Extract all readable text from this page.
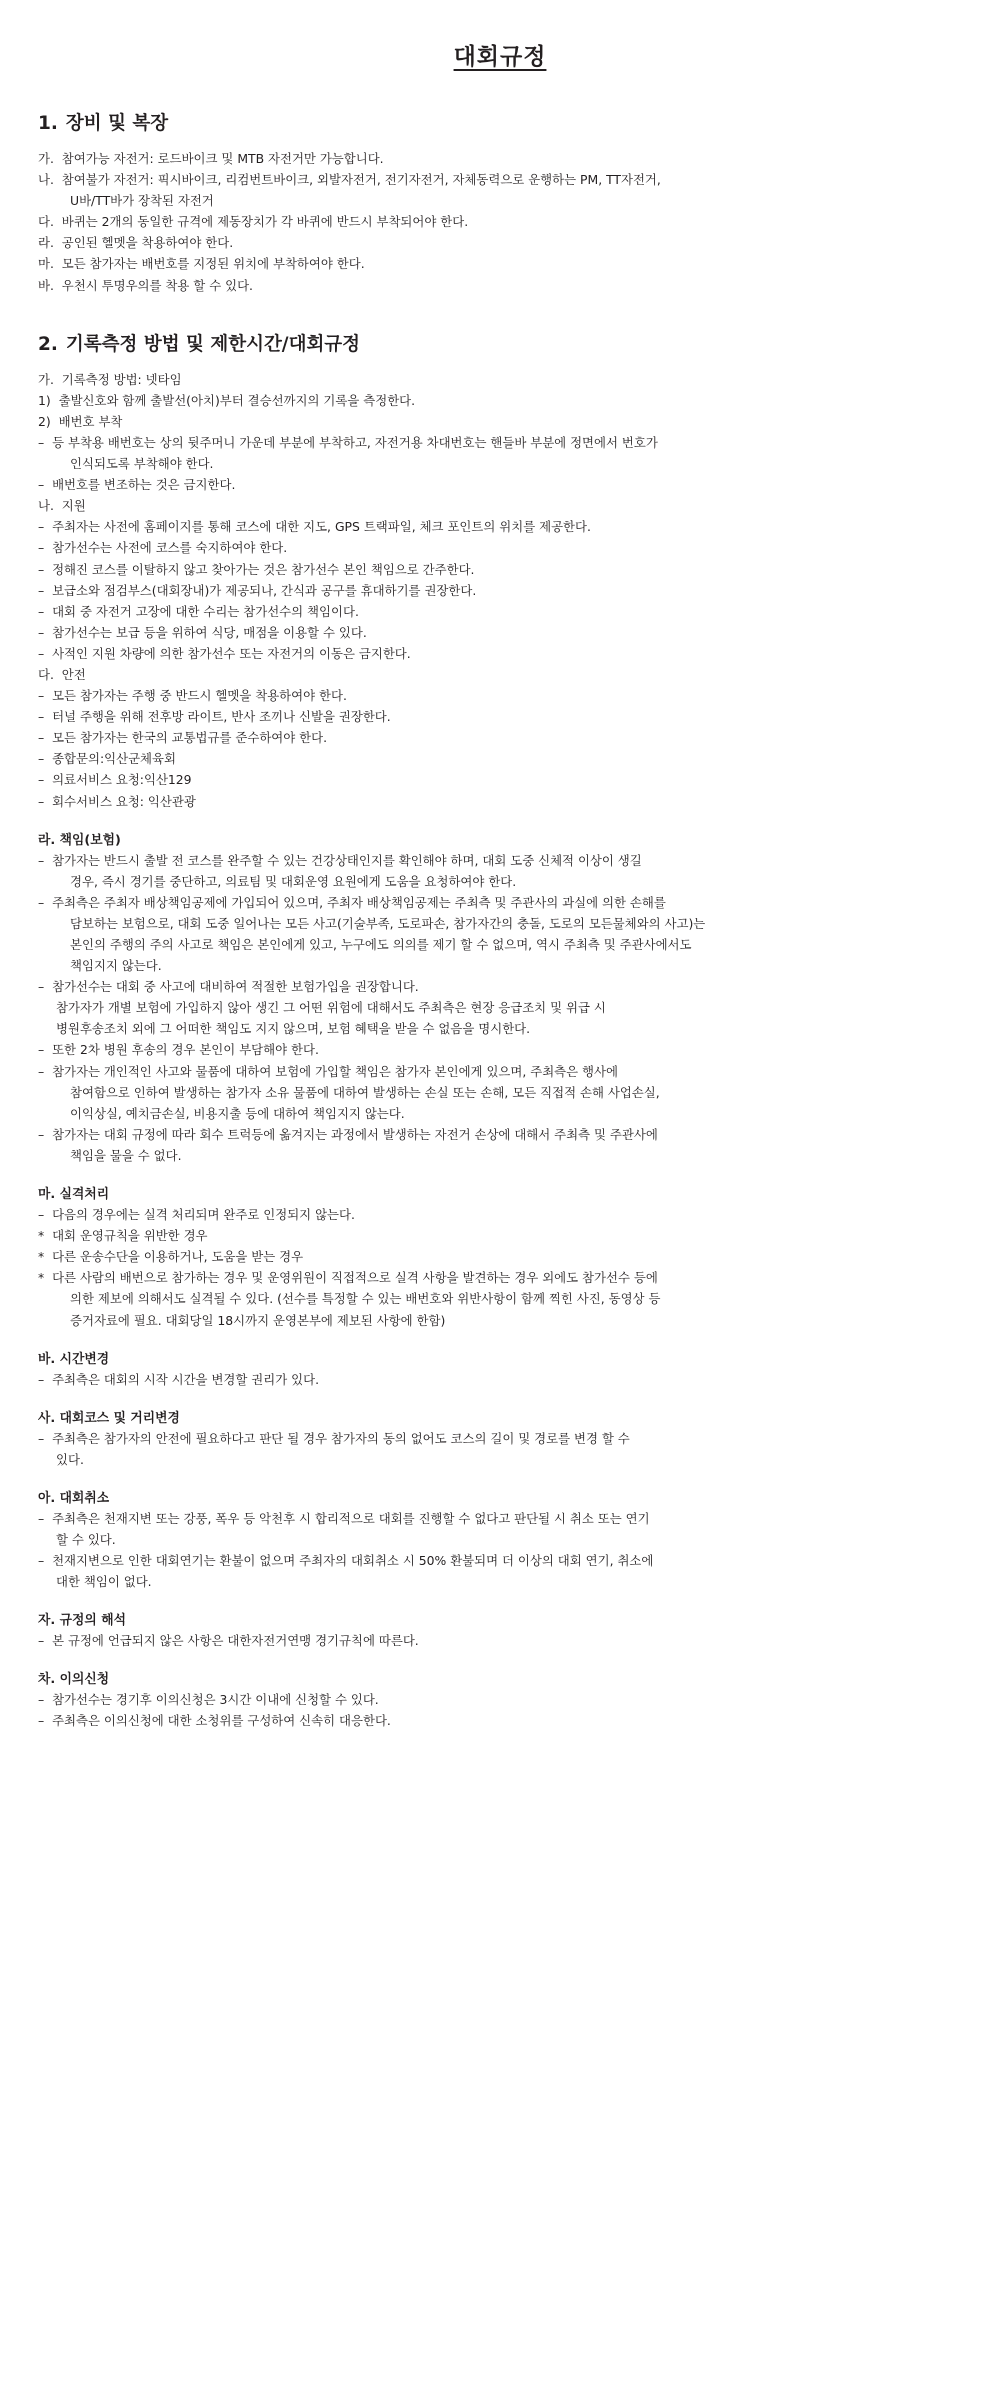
대회규정
1. 장비 및 복장

가.  참여가능 자전거: 로드바이크 및 MTB 자전거만 가능합니다.

나.  참여불가 자전거: 픽시바이크, 리컴번트바이크, 외발자전거, 전기자전거, 자체동력으로 운행하는 PM, TT자전거,

U바/TT바가 장착된 자전거

다.  바퀴는 2개의 동일한 규격에 제동장치가 각 바퀴에 반드시 부착되어야 한다.

라.  공인된 헬멧을 착용하여야 한다.

마.  모든 참가자는 배번호를 지정된 위치에 부착하여야 한다.

바.  우천시 투명우의를 착용 할 수 있다.

2. 기록측정 방법 및 제한시간/대회규정

가.  기록측정 방법: 넷타임

1)  출발신호와 함께 출발선(아치)부터 결승선까지의 기록을 측정한다.

2)  배번호 부착

–  등 부착용 배번호는 상의 뒷주머니 가운데 부분에 부착하고, 자전거용 차대번호는 핸들바 부분에 정면에서 번호가

인식되도록 부착해야 한다.

–  배번호를 변조하는 것은 금지한다.

나.  지원

–  주최자는 사전에 홈페이지를 통해 코스에 대한 지도, GPS 트랙파일, 체크 포인트의 위치를 제공한다.

–  참가선수는 사전에 코스를 숙지하여야 한다.

–  정해진 코스를 이탈하지 않고 찾아가는 것은 참가선수 본인 책임으로 간주한다.

–  보급소와 점검부스(대회장내)가 제공되나, 간식과 공구를 휴대하기를 권장한다.

–  대회 중 자전거 고장에 대한 수리는 참가선수의 책임이다.

–  참가선수는 보급 등을 위하여 식당, 매점을 이용할 수 있다.

–  사적인 지원 차량에 의한 참가선수 또는 자전거의 이동은 금지한다.

다.  안전

–  모든 참가자는 주행 중 반드시 헬멧을 착용하여야 한다.

–  터널 주행을 위해 전후방 라이트, 반사 조끼나 신발을 권장한다.

–  모든 참가자는 한국의 교통법규를 준수하여야 한다.

–  종합문의:익산군체육회

–  의료서비스 요청:익산129

–  회수서비스 요청: 익산관광

라. 책임(보험)

–  참가자는 반드시 출발 전 코스를 완주할 수 있는 건강상태인지를 확인해야 하며, 대회 도중 신체적 이상이 생길

경우, 즉시 경기를 중단하고, 의료팀 및 대회운영 요원에게 도움을 요청하여야 한다.

–  주최측은 주최자 배상책임공제에 가입되어 있으며, 주최자 배상책임공제는 주최측 및 주관사의 과실에 의한 손해를

담보하는 보험으로, 대회 도중 일어나는 모든 사고(기술부족, 도로파손, 참가자간의 충돌, 도로의 모든물체와의 사고)는

본인의 주행의 주의 사고로 책임은 본인에게 있고, 누구에도 의의를 제기 할 수 없으며, 역시 주최측 및 주관사에서도

책임지지 않는다.

–  참가선수는 대회 중 사고에 대비하여 적절한 보험가입을 권장합니다.

참가자가 개별 보험에 가입하지 않아 생긴 그 어떤 위험에 대해서도 주최측은 현장 응급조치 및 위급 시

병원후송조치 외에 그 어떠한 책임도 지지 않으며, 보험 혜택을 받을 수 없음을 명시한다.

–  또한 2차 병원 후송의 경우 본인이 부담해야 한다.

–  참가자는 개인적인 사고와 물품에 대하여 보험에 가입할 책임은 참가자 본인에게 있으며, 주최측은 행사에

참여함으로 인하여 발생하는 참가자 소유 물품에 대하여 발생하는 손실 또는 손해, 모든 직접적 손해 사업손실,

이익상실, 예치금손실, 비용지출 등에 대하여 책임지지 않는다.

–  참가자는 대회 규정에 따라 회수 트럭등에 옮겨지는 과정에서 발생하는 자전거 손상에 대해서 주최측 및 주관사에

책임을 물을 수 없다.

마. 실격처리

–  다음의 경우에는 실격 처리되며 완주로 인정되지 않는다.

*  대회 운영규칙을 위반한 경우

*  다른 운송수단을 이용하거나, 도움을 받는 경우

*  다른 사람의 배번으로 참가하는 경우 및 운영위원이 직접적으로 실격 사항을 발견하는 경우 외에도 참가선수 등에

의한 제보에 의해서도 실격될 수 있다. (선수를 특정할 수 있는 배번호와 위반사항이 함께 찍힌 사진, 동영상 등

증거자료에 필요. 대회당일 18시까지 운영본부에 제보된 사항에 한함)

바. 시간변경

–  주최측은 대회의 시작 시간을 변경할 권리가 있다.

사. 대회코스 및 거리변경

–  주최측은 참가자의 안전에 필요하다고 판단 될 경우 참가자의 동의 없어도 코스의 길이 및 경로를 변경 할 수

있다.

아. 대회취소

–  주최측은 천재지변 또는 강풍, 폭우 등 악천후 시 합리적으로 대회를 진행할 수 없다고 판단될 시 취소 또는 연기

할 수 있다.

–  천재지변으로 인한 대회연기는 환불이 없으며 주최자의 대회취소 시 50% 환불되며 더 이상의 대회 연기, 취소에

대한 책임이 없다.

자. 규정의 해석

–  본 규정에 언급되지 않은 사항은 대한자전거연맹 경기규칙에 따른다.

차. 이의신청

–  참가선수는 경기후 이의신청은 3시간 이내에 신청할 수 있다.

–  주최측은 이의신청에 대한 소청위를 구성하여 신속히 대응한다.
